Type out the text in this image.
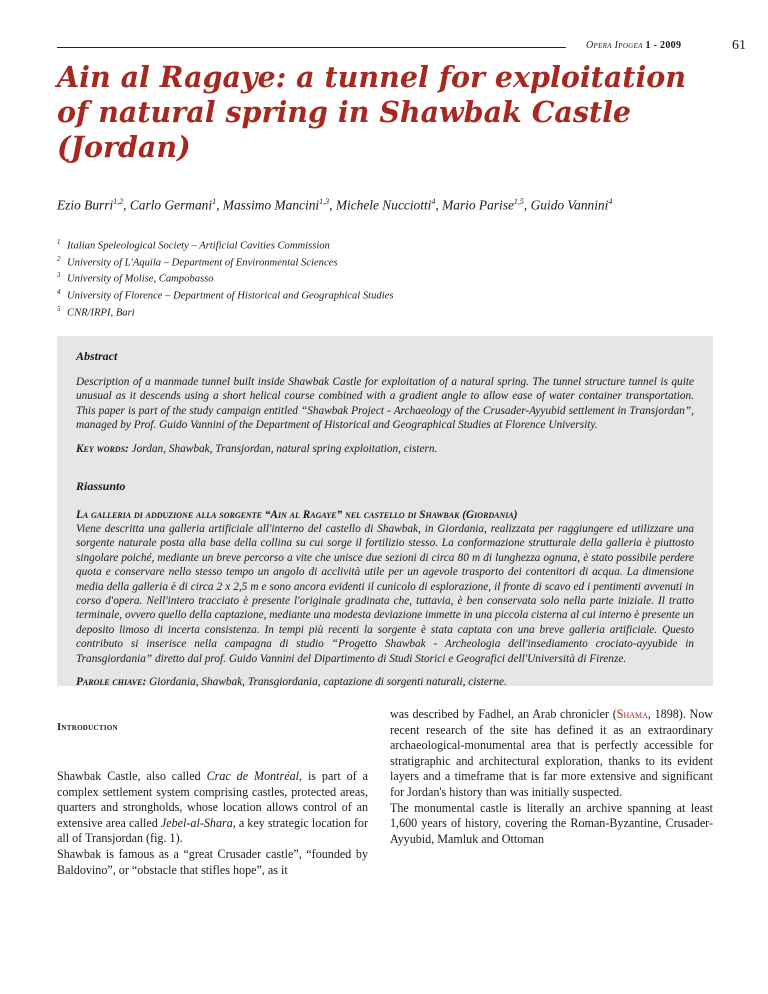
Opera Ipogea 1 - 2009	61
Ain al Ragaye: a tunnel for exploitation of natural spring in Shawbak Castle (Jordan)
Ezio Burri$^{1,2}$, Carlo Germani$^1$, Massimo Mancini$^{1,3}$, Michele Nucciotti$^4$, Mario Parise$^{1,5}$, Guido Vannini$^4$
$^1$ Italian Speleological Society – Artificial Cavities Commission
$^2$ University of L'Aquila – Department of Environmental Sciences
$^3$ University of Molise, Campobasso
$^4$ University of Florence – Department of Historical and Geographical Studies
$^5$ CNR/IRPI, Bari

Abstract

Description of a manmade tunnel built inside Shawbak Castle for exploitation of a natural spring. The tunnel structure tunnel is quite unusual as it descends using a short helical course combined with a gradient angle to allow ease of water container transportation. This paper is part of the study campaign entitled “Shawbak Project - Archaeology of the Crusader-Ayyubid settlement in Transjordan”, managed by Prof. Guido Vannini of the Department of Historical and Geographical Studies at Florence University.

Key words: Jordan, Shawbak, Transjordan, natural spring exploitation, cistern.

Riassunto

La galleria di adduzione alla sorgente “Ain al Ragaye” nel castello di Shawbak (Giordania)

Viene descritta una galleria artificiale all'interno del castello di Shawbak, in Giordania, realizzata per raggiungere ed utilizzare una sorgente naturale posta alla base della collina su cui sorge il fortilizio stesso. La conformazione strutturale della galleria è piuttosto singolare poiché, mediante un breve percorso a vite che unisce due sezioni di circa 80 m di lunghezza ognuna, è stato possibile perdere quota e conservare nello stesso tempo un angolo di acclività utile per un agevole trasporto dei contenitori di acqua. La dimensione media della galleria è di circa 2 x 2,5 m e sono ancora evidenti il cunicolo di esplorazione, il fronte di scavo ed i pentimenti avvenuti in corso d'opera. Nell'intero tracciato è presente l'originale gradinata che, tuttavia, è ben conservata solo nella parte iniziale. Il tratto terminale, ovvero quello della captazione, mediante una modesta deviazione immette in una piccola cisterna al cui interno è presente un deposito limoso di incerta consistenza. In tempi più recenti la sorgente è stata captata con una breve galleria artificiale. Questo contributo si inserisce nella campagna di studio “Progetto Shawbak - Archeologia dell'insediamento crociato-ayyubide in Transgiordania” diretto dal prof. Guido Vannini del Dipartimento di Studi Storici e Geografici dell'Università di Firenze.

Parole chiave: Giordania, Shawbak, Transgiordania, captazione di sorgenti naturali, cisterne.

Introduction

Shawbak Castle, also called Crac de Montréal, is part of a complex settlement system comprising castles, protected areas, quarters and strongholds, whose location allows control of an extensive area called Jebel-al-Shara, a key strategic location for all of Transjordan (fig. 1).

Shawbak is famous as a “great Crusader castle”, “founded by Baldovino”, or “obstacle that stifles hope”, as it

was described by Fadhel, an Arab chronicler (Shama, 1898). Now recent research of the site has defined it as an extraordinary archaeological-monumental area that is perfectly accessible for stratigraphic and architectural exploration, thanks to its evident layers and a timeframe that is far more extensive and significant for Jordan's history than was initially suspected.

The monumental castle is literally an archive spanning at least 1,600 years of history, covering the Roman-Byzantine, Crusader-Ayyubid, Mamluk and Ottoman
